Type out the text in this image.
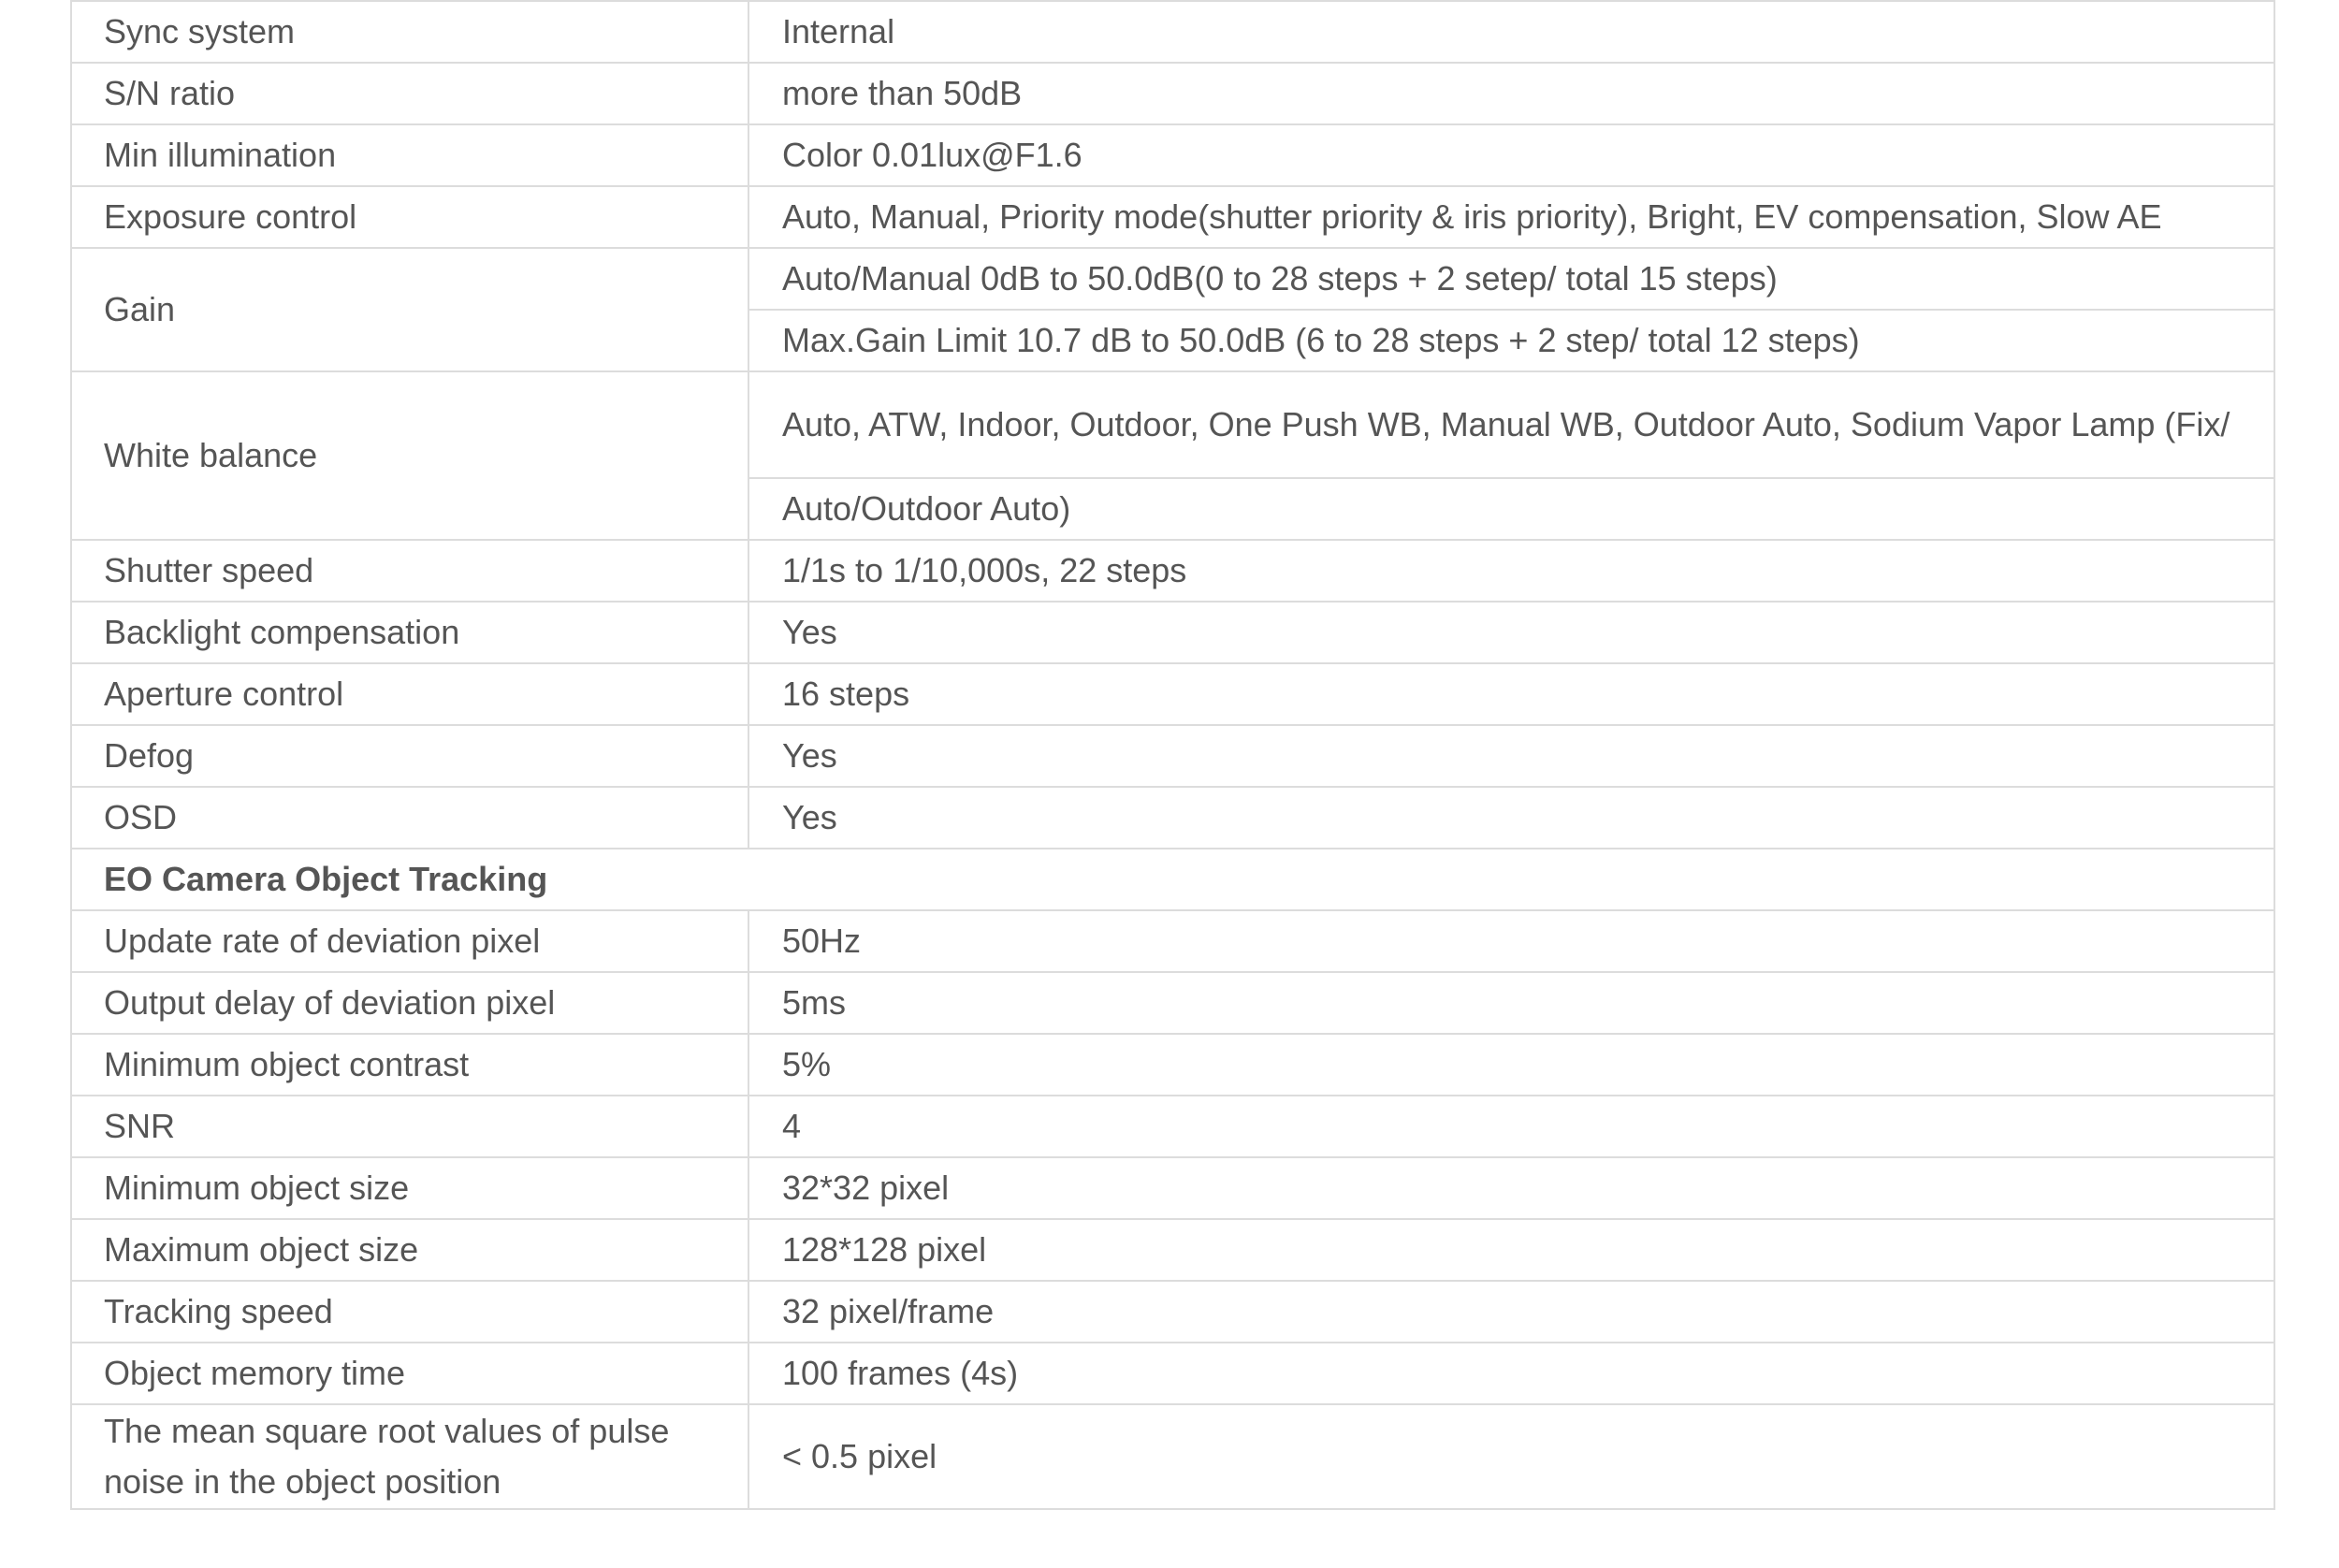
Sync system	Internal
S/N ratio	more than 50dB
Min illumination	Color 0.01lux@F1.6
Exposure control	Auto, Manual, Priority mode(shutter priority & iris priority), Bright, EV compensation, Slow AE
Gain	Auto/Manual 0dB to 50.0dB(0 to 28 steps + 2 setep/ total 15 steps)
	Max.Gain Limit 10.7 dB to 50.0dB (6 to 28 steps + 2 step/ total 12 steps)
White balance	Auto, ATW, Indoor, Outdoor, One Push WB, Manual WB, Outdoor Auto, Sodium Vapor Lamp (Fix/
	Auto/Outdoor Auto)
Shutter speed	1/1s to 1/10,000s, 22 steps
Backlight compensation	Yes
Aperture control	16 steps
Defog	Yes
OSD	Yes
EO Camera Object Tracking	
Update rate of deviation pixel	50Hz
Output delay of deviation pixel	5ms
Minimum object contrast	5%
SNR	4
Minimum object size	32*32 pixel
Maximum object size	128*128 pixel
Tracking speed	32 pixel/frame
Object memory time	100 frames (4s)
The mean square root values of pulse noise in the object position	< 0.5 pixel
